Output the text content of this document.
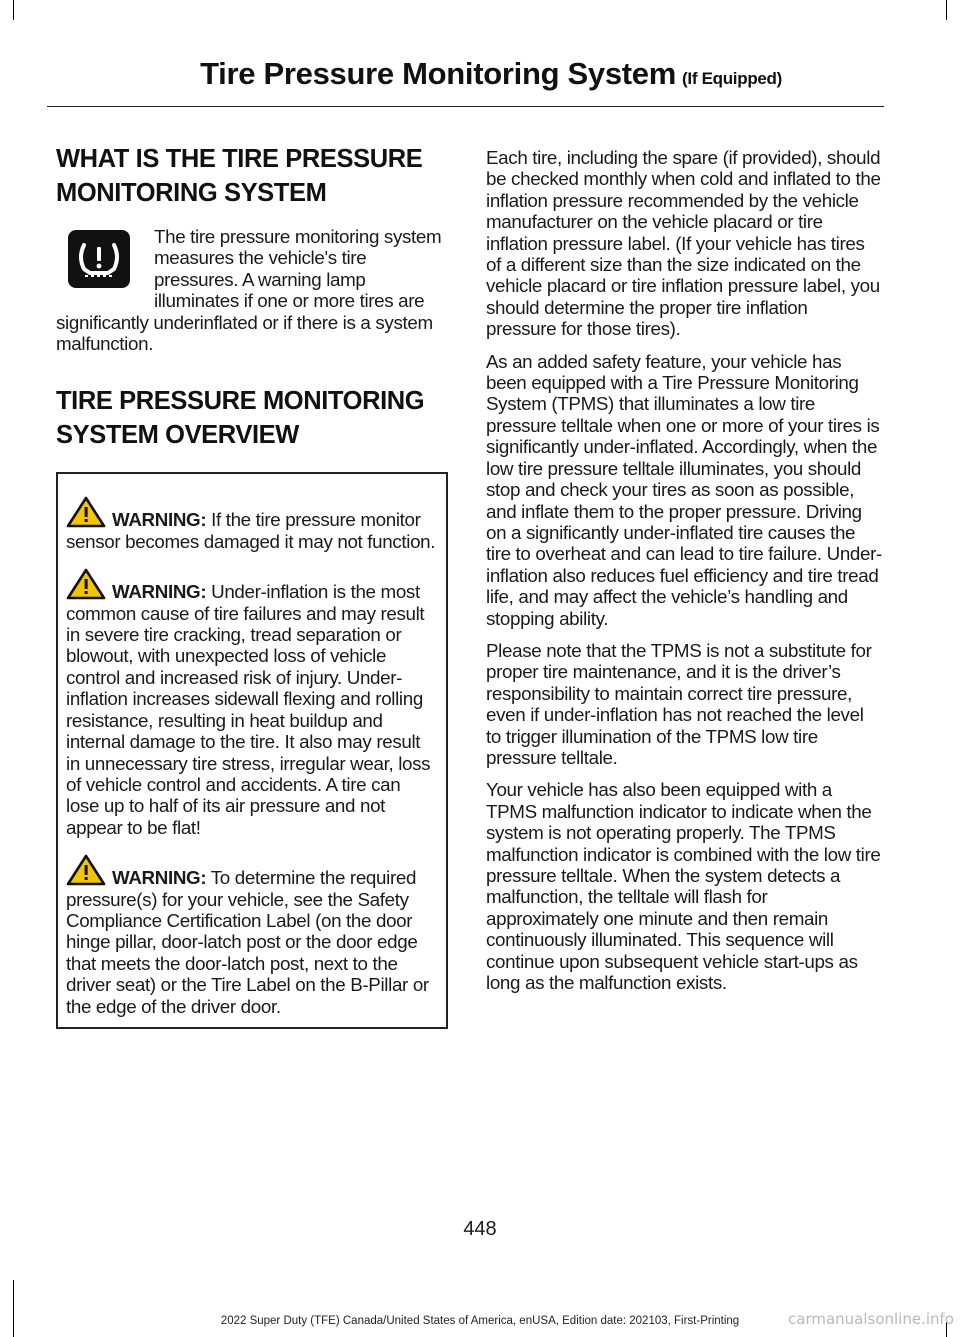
Tire Pressure Monitoring System (If Equipped)
WHAT IS THE TIRE PRESSURE
MONITORING SYSTEM

The tire pressure monitoring system measures the vehicle's tire pressures. A warning lamp illuminates if one or more tires are significantly underinflated or if there is a system malfunction.

TIRE PRESSURE MONITORING
SYSTEM OVERVIEW
WARNING: If the tire pressure monitor sensor becomes damaged it may not function.
WARNING: Under-inflation is the most common cause of tire failures and may result in severe tire cracking, tread separation or blowout, with unexpected loss of vehicle control and increased risk of injury. Under-inflation increases sidewall flexing and rolling resistance, resulting in heat buildup and internal damage to the tire. It also may result in unnecessary tire stress, irregular wear, loss of vehicle control and accidents. A tire can lose up to half of its air pressure and not appear to be flat!
WARNING: To determine the required pressure(s) for your vehicle, see the Safety Compliance Certification Label (on the door hinge pillar, door-latch post or the door edge that meets the door-latch post, next to the driver seat) or the Tire Label on the B-Pillar or the edge of the driver door.

Each tire, including the spare (if provided), should be checked monthly when cold and inflated to the inflation pressure recommended by the vehicle manufacturer on the vehicle placard or tire inflation pressure label. (If your vehicle has tires of a different size than the size indicated on the vehicle placard or tire inflation pressure label, you should determine the proper tire inflation pressure for those tires).

As an added safety feature, your vehicle has been equipped with a Tire Pressure Monitoring System (TPMS) that illuminates a low tire pressure telltale when one or more of your tires is significantly under-inflated. Accordingly, when the low tire pressure telltale illuminates, you should stop and check your tires as soon as possible, and inflate them to the proper pressure. Driving on a significantly under-inflated tire causes the tire to overheat and can lead to tire failure. Under-inflation also reduces fuel efficiency and tire tread life, and may affect the vehicle’s handling and stopping ability.

Please note that the TPMS is not a substitute for proper tire maintenance, and it is the driver’s responsibility to maintain correct tire pressure, even if under-inflation has not reached the level to trigger illumination of the TPMS low tire pressure telltale.

Your vehicle has also been equipped with a TPMS malfunction indicator to indicate when the system is not operating properly. The TPMS malfunction indicator is combined with the low tire pressure telltale. When the system detects a malfunction, the telltale will flash for approximately one minute and then remain continuously illuminated. This sequence will continue upon subsequent vehicle start-ups as long as the malfunction exists.

448
2022 Super Duty (TFE) Canada/United States of America, enUSA, Edition date: 202103, First-Printing	carmanualsonline.info
